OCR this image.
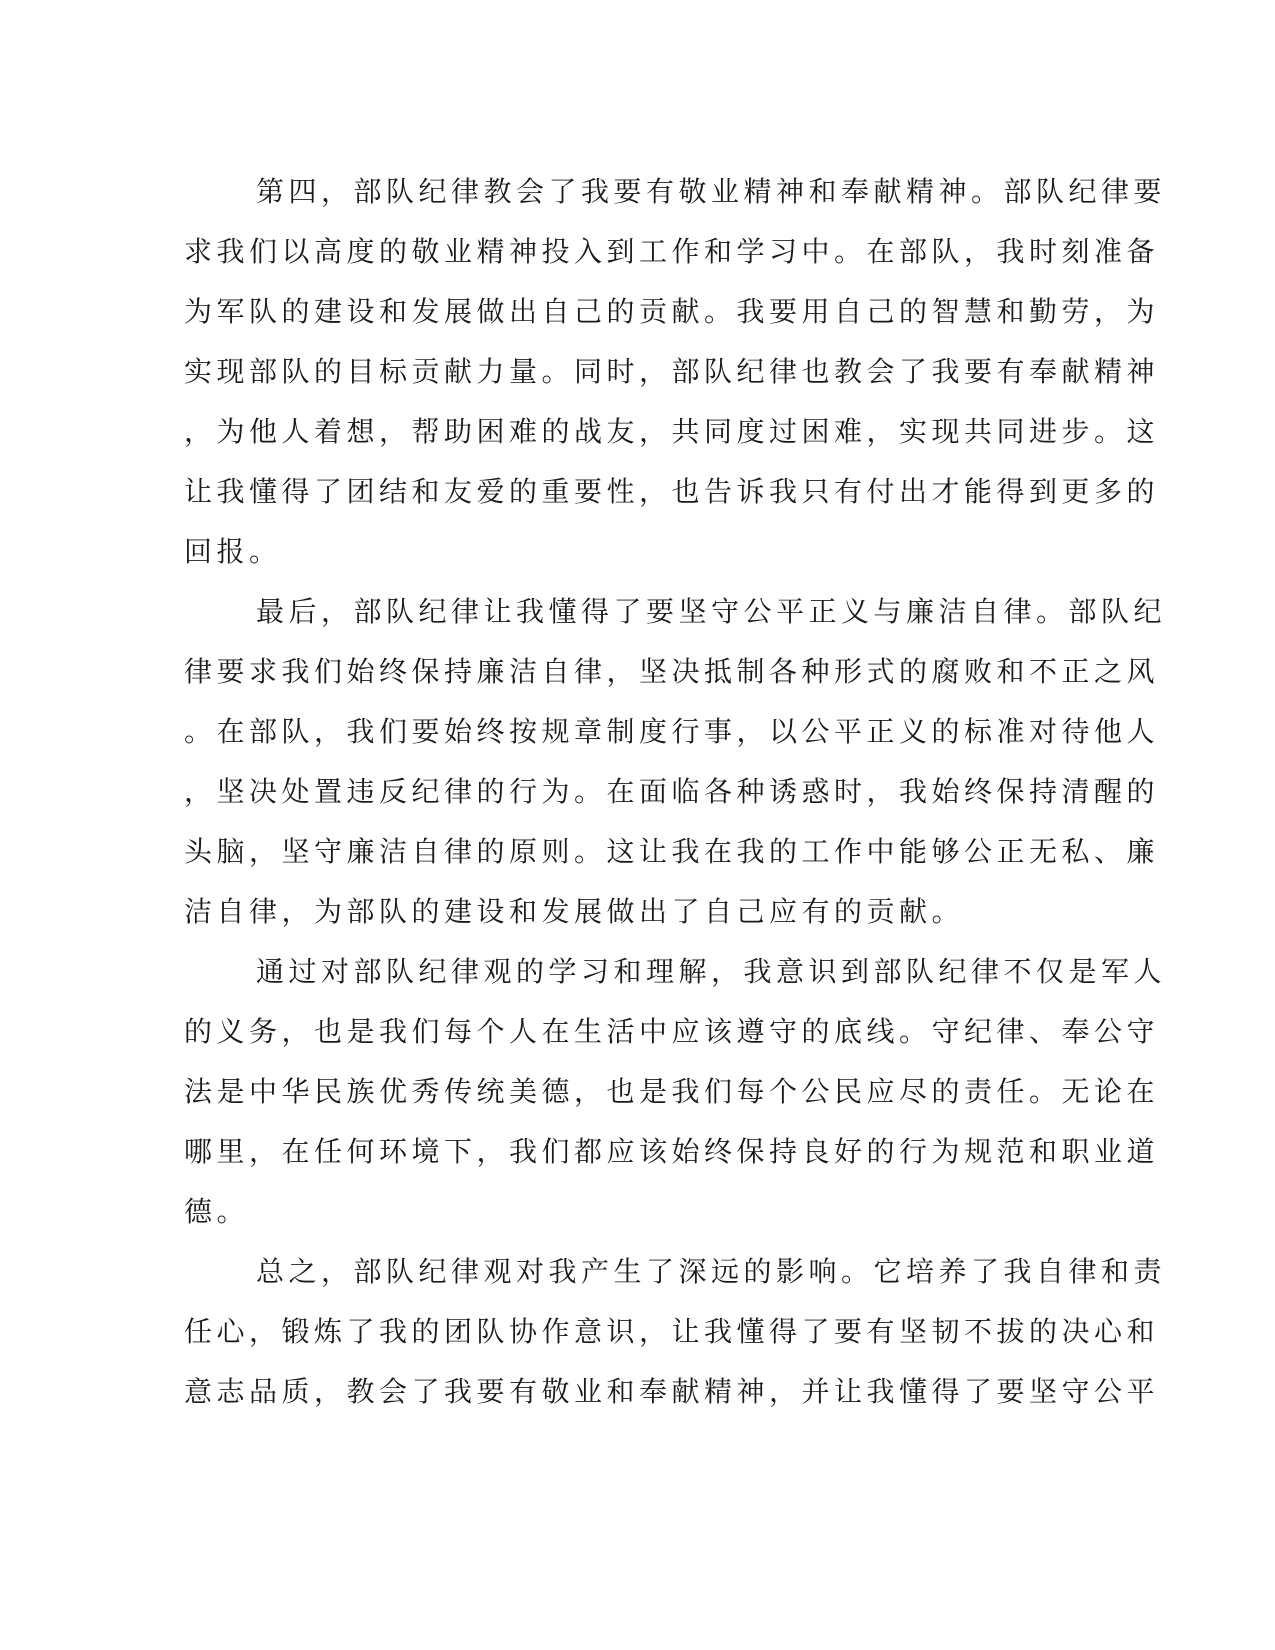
第四，部队纪律教会了我要有敬业精神和奉献精神。部队纪律要
求我们以高度的敬业精神投入到工作和学习中。在部队，我时刻准备
为军队的建设和发展做出自己的贡献。我要用自己的智慧和勤劳，为
实现部队的目标贡献力量。同时，部队纪律也教会了我要有奉献精神
，为他人着想，帮助困难的战友，共同度过困难，实现共同进步。这
让我懂得了团结和友爱的重要性，也告诉我只有付出才能得到更多的
回报。
最后，部队纪律让我懂得了要坚守公平正义与廉洁自律。部队纪
律要求我们始终保持廉洁自律，坚决抵制各种形式的腐败和不正之风
。在部队，我们要始终按规章制度行事，以公平正义的标准对待他人
，坚决处置违反纪律的行为。在面临各种诱惑时，我始终保持清醒的
头脑，坚守廉洁自律的原则。这让我在我的工作中能够公正无私、廉
洁自律，为部队的建设和发展做出了自己应有的贡献。
通过对部队纪律观的学习和理解，我意识到部队纪律不仅是军人
的义务，也是我们每个人在生活中应该遵守的底线。守纪律、奉公守
法是中华民族优秀传统美德，也是我们每个公民应尽的责任。无论在
哪里，在任何环境下，我们都应该始终保持良好的行为规范和职业道
德。
总之，部队纪律观对我产生了深远的影响。它培养了我自律和责
任心，锻炼了我的团队协作意识，让我懂得了要有坚韧不拔的决心和
意志品质，教会了我要有敬业和奉献精神，并让我懂得了要坚守公平
